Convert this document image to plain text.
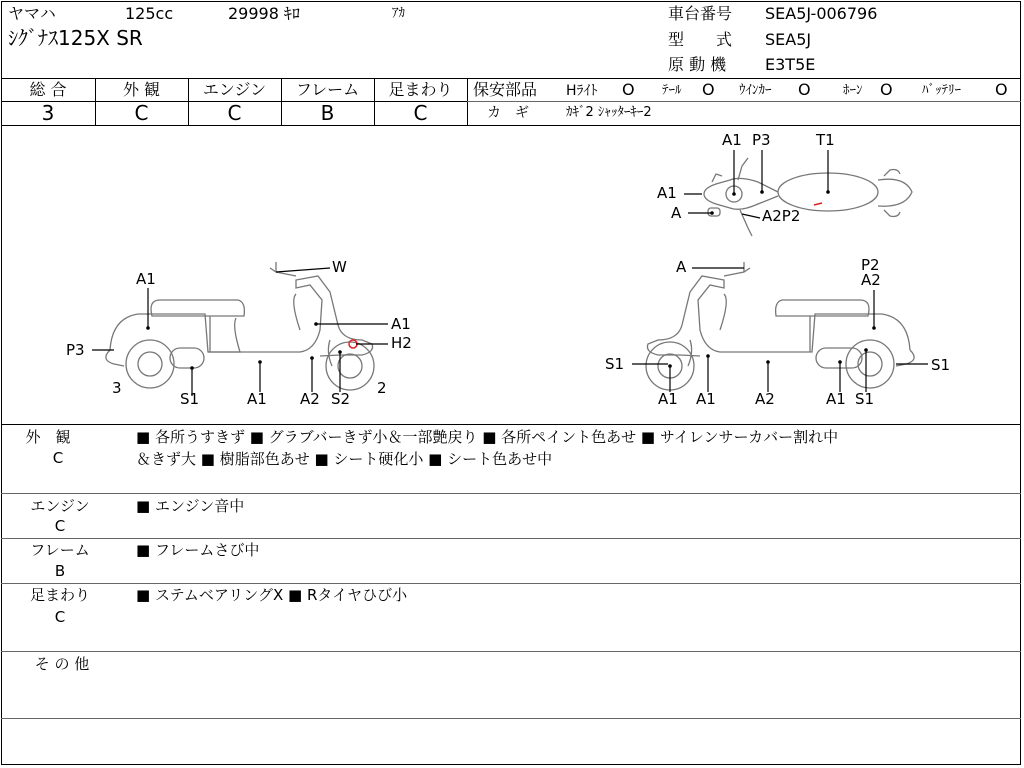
ヤマハ	125cc	29998 ｷﾛ	ｱｶ
ｼｸﾞﾅｽ125X SR
車台番号 SEA5J-006796
型　　式 SEA5J
原 動 機 E3T5E
総 合	外 観	エンジン	フレーム	足まわり
3	C	C	B	C
保安部品 Hﾗｲﾄ O ﾃｰﾙ O ｳｲﾝｶｰ O ﾎｰﾝ O ﾊﾞｯﾃﾘｰ O
カ　ギ	ｶｷﾞ2 ｼｬｯﾀｰｷｰ2
A1 P3	T1
A1
A	A2P2
A1
W
A1
H2
P3
3
S1	A1 A2 S2
2
A	P2
A2
S1	S1
A1 A1	A2	A1 S1
外　観
C
■ 各所うすきず ■ グラブバーきず小＆一部艶戻り ■ 各所ペイント色あせ ■ サイレンサーカバー割れ中
＆きず大 ■ 樹脂部色あせ ■ シート硬化小 ■ シート色あせ中
エンジン
C
■ エンジン音中
フレーム
B
■ フレームさび中
足まわり
C
■ ステムベアリングX ■ Rタイヤひび小
そ の 他
